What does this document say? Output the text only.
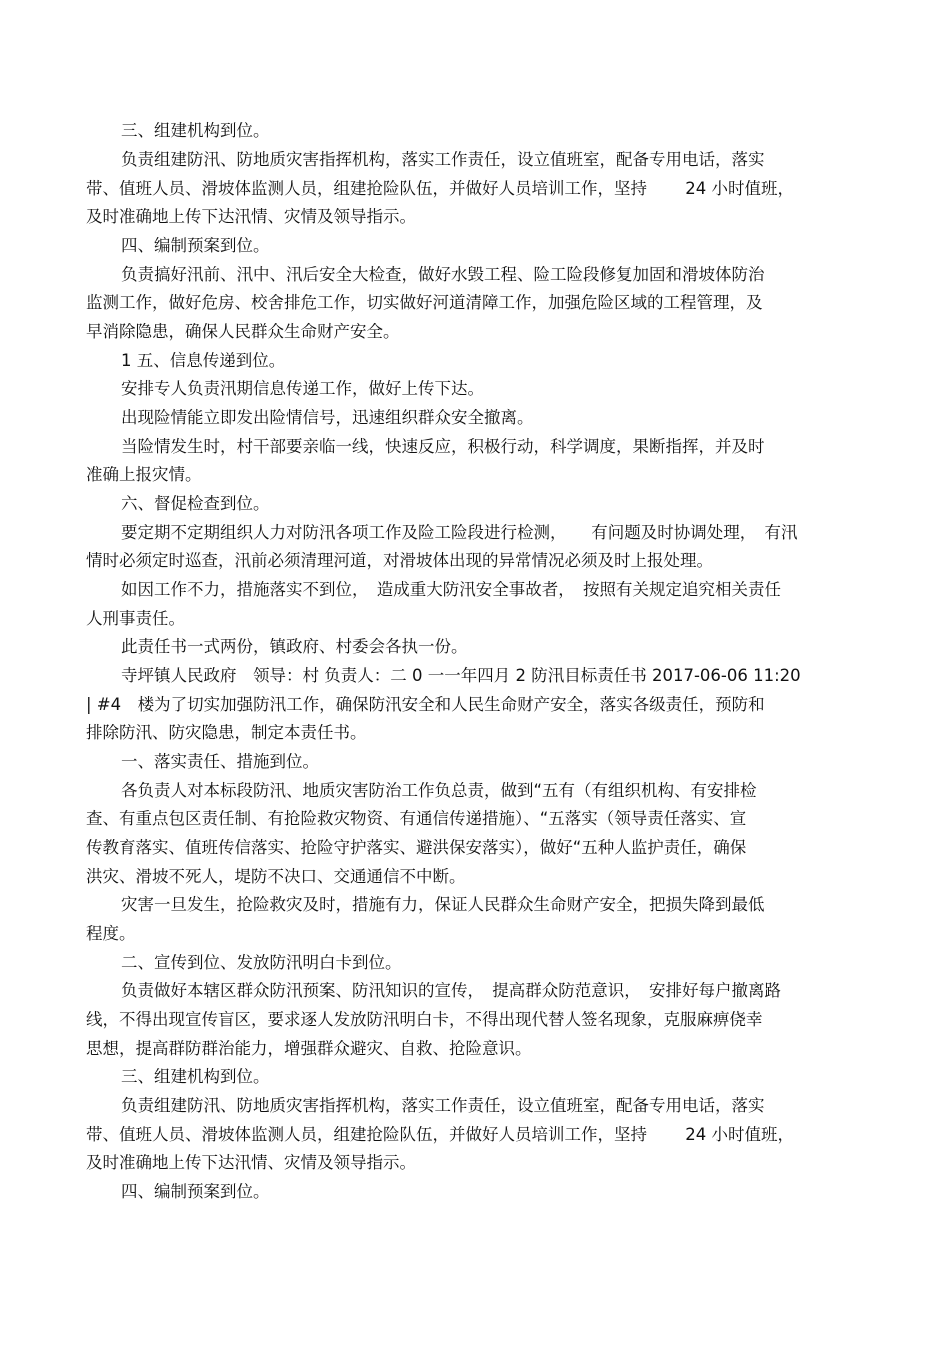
三、组建机构到位。
负责组建防汛、防地质灾害指挥机构，落实工作责任，设立值班室，配备专用电话，落实
带、值班人员、滑坡体监测人员，组建抢险队伍，并做好人员培训工作，坚持　　 24 小时值班，
及时准确地上传下达汛情、灾情及领导指示。
四、编制预案到位。
负责搞好汛前、汛中、汛后安全大检查，做好水毁工程、险工险段修复加固和滑坡体防治
监测工作，做好危房、校舍排危工作，切实做好河道清障工作，加强危险区域的工程管理，及
早消除隐患，确保人民群众生命财产安全。
1 五、信息传递到位。
安排专人负责汛期信息传递工作，做好上传下达。
出现险情能立即发出险情信号，迅速组织群众安全撤离。
当险情发生时，村干部要亲临一线，快速反应，积极行动，科学调度，果断指挥，并及时
准确上报灾情。
六、督促检查到位。
要定期不定期组织人力对防汛各项工作及险工险段进行检测，　　有问题及时协调处理，　有汛
情时必须定时巡查，汛前必须清理河道，对滑坡体出现的异常情况必须及时上报处理。
如因工作不力，措施落实不到位，　造成重大防汛安全事故者，　按照有关规定追究相关责任
人刑事责任。
此责任书一式两份，镇政府、村委会各执一份。
寺坪镇人民政府　领导：村 负责人：二 0 一一年四月 2 防汛目标责任书 2017-06-06 11:20
| #4　楼为了切实加强防汛工作，确保防汛安全和人民生命财产安全，落实各级责任，预防和
排除防汛、防灾隐患，制定本责任书。
一、落实责任、措施到位。
各负责人对本标段防汛、地质灾害防治工作负总责，做到“五有（有组织机构、有安排检
查、有重点包区责任制、有抢险救灾物资、有通信传递措施）、“五落实（领导责任落实、宣
传教育落实、值班传信落实、抢险守护落实、避洪保安落实），做好“五种人监护责任，确保
洪灾、滑坡不死人，堤防不决口、交通通信不中断。
灾害一旦发生，抢险救灾及时，措施有力，保证人民群众生命财产安全，把损失降到最低
程度。
二、宣传到位、发放防汛明白卡到位。
负责做好本辖区群众防汛预案、防汛知识的宣传，　提高群众防范意识，　安排好每户撤离路
线，不得出现宣传盲区，要求逐人发放防汛明白卡，不得出现代替人签名现象，克服麻痹侥幸
思想，提高群防群治能力，增强群众避灾、自救、抢险意识。
三、组建机构到位。
负责组建防汛、防地质灾害指挥机构，落实工作责任，设立值班室，配备专用电话，落实
带、值班人员、滑坡体监测人员，组建抢险队伍，并做好人员培训工作，坚持　　 24 小时值班，
及时准确地上传下达汛情、灾情及领导指示。
四、编制预案到位。
